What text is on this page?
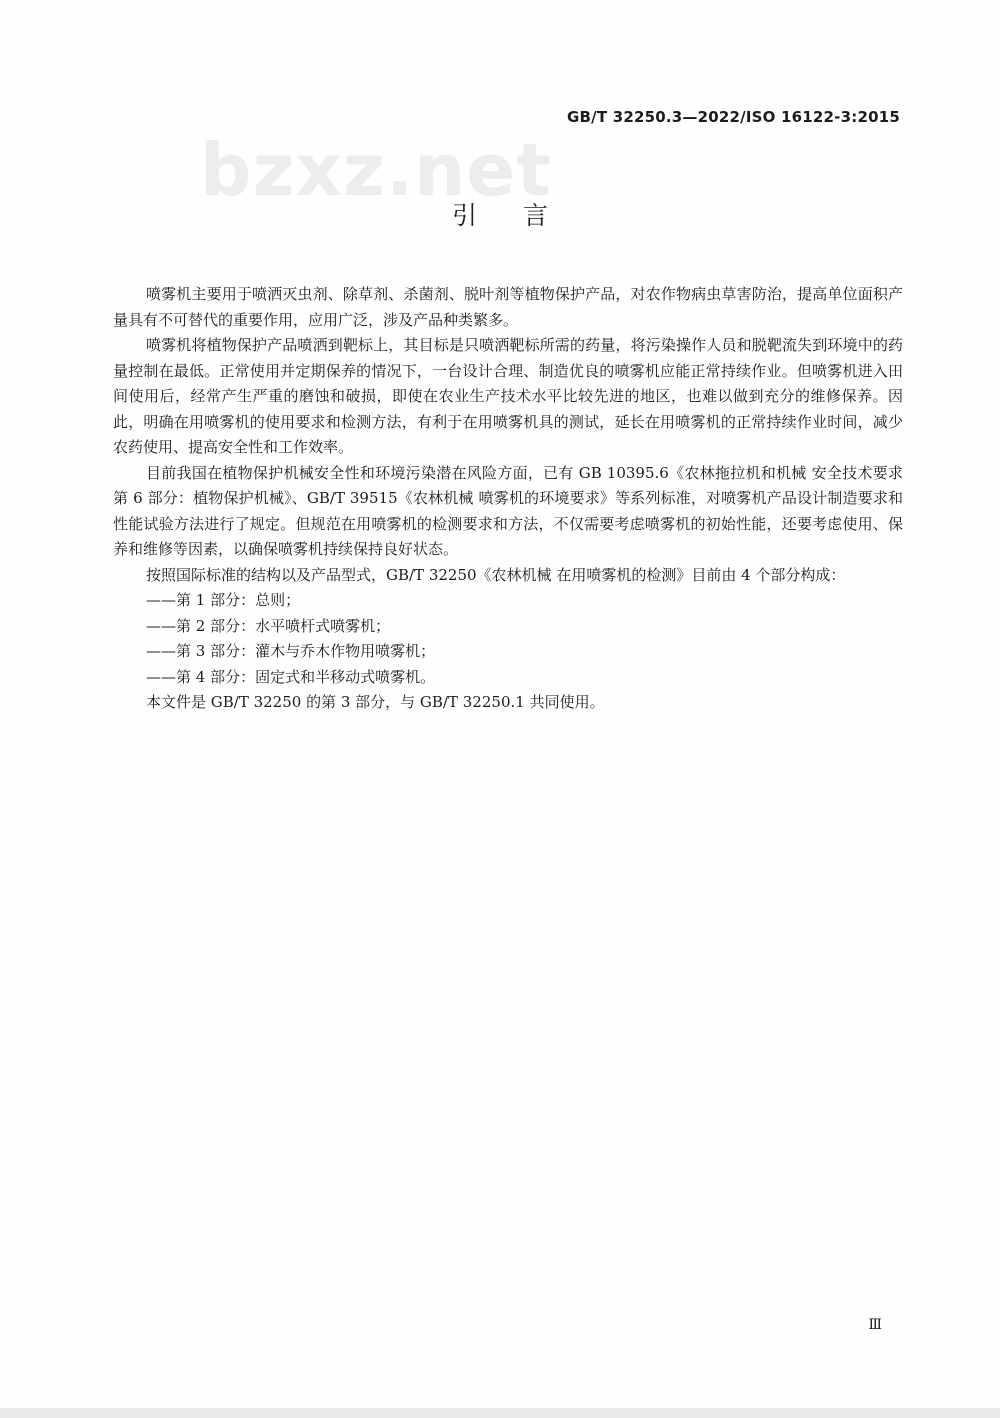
GB/T 32250.3—2022/ISO 16122-3:2015
bzxz.net
引言

喷雾机主要用于喷洒灭虫剂、除草剂、杀菌剂、脱叶剂等植物保护产品，对农作物病虫草害防治，提高单位面积产量具有不可替代的重要作用，应用广泛，涉及产品种类繁多。

喷雾机将植物保护产品喷洒到靶标上，其目标是只喷洒靶标所需的药量，将污染操作人员和脱靶流失到环境中的药量控制在最低。正常使用并定期保养的情况下，一台设计合理、制造优良的喷雾机应能正常持续作业。但喷雾机进入田间使用后，经常产生严重的磨蚀和破损，即使在农业生产技术水平比较先进的地区，也难以做到充分的维修保养。因此，明确在用喷雾机的使用要求和检测方法，有利于在用喷雾机具的测试，延长在用喷雾机的正常持续作业时间，减少农药使用、提高安全性和工作效率。

目前我国在植物保护机械安全性和环境污染潜在风险方面，已有 GB 10395.6《农林拖拉机和机械 安全技术要求 第 6 部分：植物保护机械》、GB/T 39515《农林机械 喷雾机的环境要求》等系列标准，对喷雾机产品设计制造要求和性能试验方法进行了规定。但规范在用喷雾机的检测要求和方法，不仅需要考虑喷雾机的初始性能，还要考虑使用、保养和维修等因素，以确保喷雾机持续保持良好状态。

按照国际标准的结构以及产品型式，GB/T 32250《农林机械 在用喷雾机的检测》目前由 4 个部分构成：

——第 1 部分：总则；

——第 2 部分：水平喷杆式喷雾机；

——第 3 部分：灌木与乔木作物用喷雾机；

——第 4 部分：固定式和半移动式喷雾机。

本文件是 GB/T 32250 的第 3 部分，与 GB/T 32250.1 共同使用。

Ⅲ
